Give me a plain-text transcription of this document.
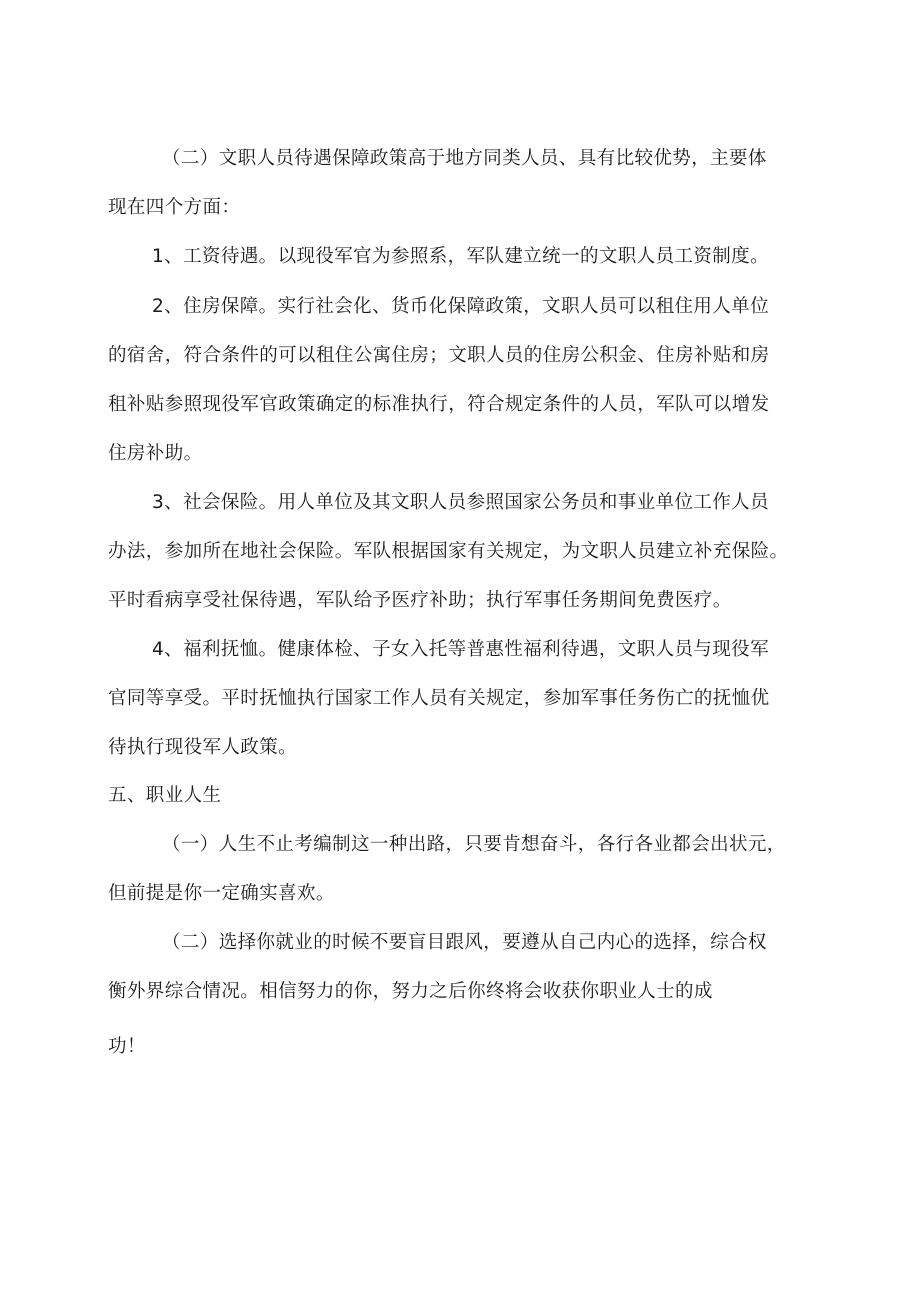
（二）文职人员待遇保障政策高于地方同类人员、具有比较优势，主要体
现在四个方面：
1、工资待遇。以现役军官为参照系，军队建立统一的文职人员工资制度。
2、住房保障。实行社会化、货币化保障政策，文职人员可以租住用人单位
的宿舍，符合条件的可以租住公寓住房；文职人员的住房公积金、住房补贴和房
租补贴参照现役军官政策确定的标准执行，符合规定条件的人员，军队可以增发
住房补助。
3、社会保险。用人单位及其文职人员参照国家公务员和事业单位工作人员
办法，参加所在地社会保险。军队根据国家有关规定，为文职人员建立补充保险。
平时看病享受社保待遇，军队给予医疗补助；执行军事任务期间免费医疗。
4、福利抚恤。健康体检、子女入托等普惠性福利待遇，文职人员与现役军
官同等享受。平时抚恤执行国家工作人员有关规定，参加军事任务伤亡的抚恤优
待执行现役军人政策。
五、职业人生
（一）人生不止考编制这一种出路，只要肯想奋斗，各行各业都会出状元，
但前提是你一定确实喜欢。
（二）选择你就业的时候不要盲目跟风，要遵从自己内心的选择，综合权
衡外界综合情况。相信努力的你，努力之后你终将会收获你职业人士的成
功！
